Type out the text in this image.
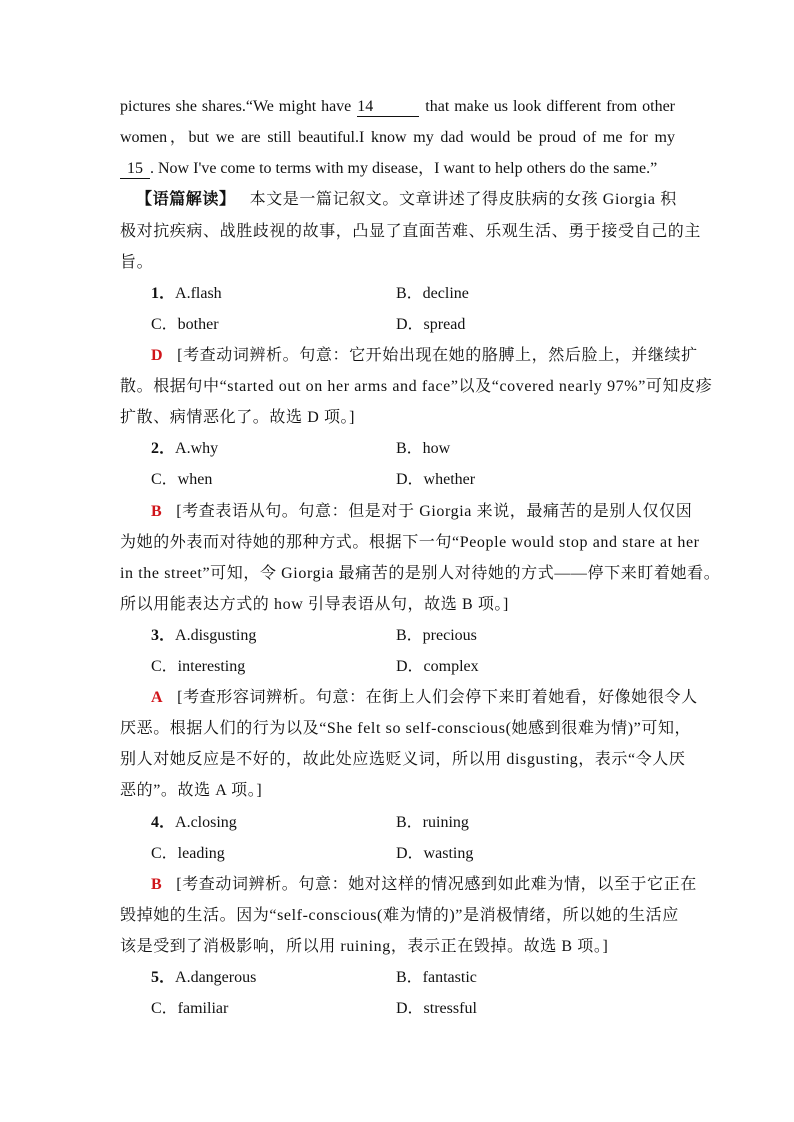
pictures she shares.“We might have 14	that make us look different from other
women，but we are still beautiful.I know my dad would be proud of me for my
15 . Now I've come to terms with my disease，I want to help others do the same.”
【语篇解读】 本文是一篇记叙文。文章讲述了得皮肤病的女孩 Giorgia 积
极对抗疾病、战胜歧视的故事，凸显了直面苦难、乐观生活、勇于接受自己的主
旨。
1．A.flash	B．decline
C．bother	D．spread
D [考查动词辨析。句意：它开始出现在她的胳膊上，然后脸上，并继续扩
散。根据句中“started out on her arms and face”以及“covered nearly 97%”可知皮疹
扩散、病情恶化了。故选 D 项。]
2．A.why	B．how
C．when	D．whether
B [考查表语从句。句意：但是对于 Giorgia 来说，最痛苦的是别人仅仅因
为她的外表而对待她的那种方式。根据下一句“People would stop and stare at her
in the street”可知，令 Giorgia 最痛苦的是别人对待她的方式——停下来盯着她看。
所以用能表达方式的 how 引导表语从句，故选 B 项。]
3．A.disgusting	B．precious
C．interesting	D．complex
A [考查形容词辨析。句意：在街上人们会停下来盯着她看，好像她很令人
厌恶。根据人们的行为以及“She felt so self-conscious(她感到很难为情)”可知，
别人对她反应是不好的，故此处应选贬义词，所以用 disgusting，表示“令人厌
恶的”。故选 A 项。]
4．A.closing	B．ruining
C．leading	D．wasting
B [考查动词辨析。句意：她对这样的情况感到如此难为情，以至于它正在
毁掉她的生活。因为“self-conscious(难为情的)”是消极情绪，所以她的生活应
该是受到了消极影响，所以用 ruining，表示正在毁掉。故选 B 项。]
5．A.dangerous	B．fantastic
C．familiar	D．stressful
